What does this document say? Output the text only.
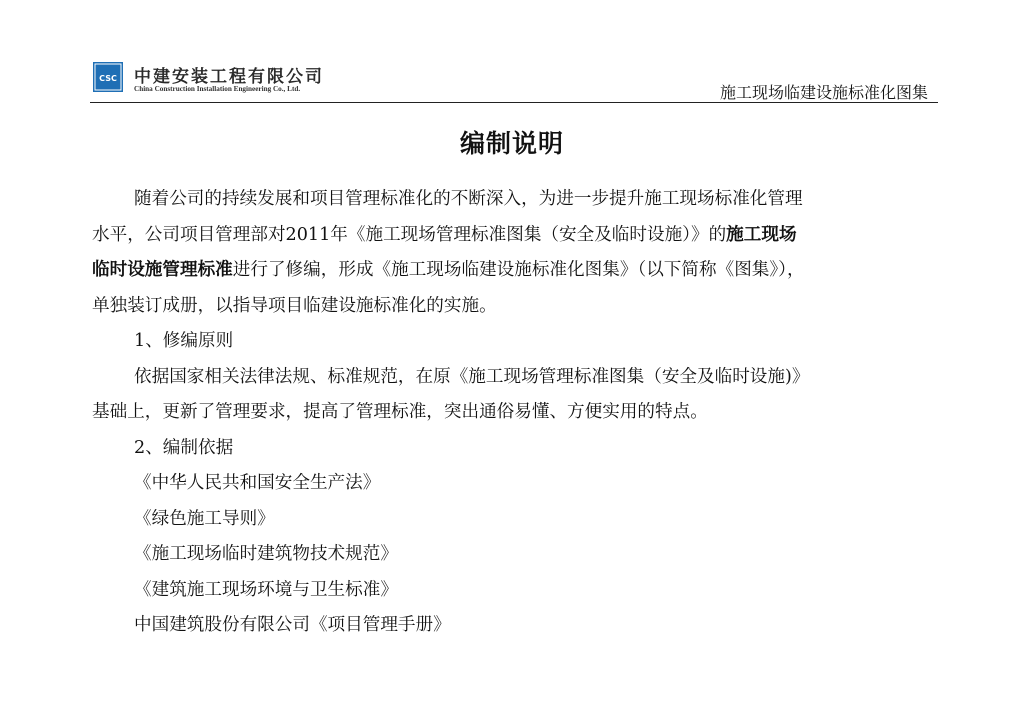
CSC 中建安装工程有限公司
China Construction Installation Engineering Co., Ltd.	施工现场临建设施标准化图集
编制说明

随着公司的持续发展和项目管理标准化的不断深入，为进一步提升施工现场标准化管理

水平，公司项目管理部对2011年《施工现场管理标准图集（安全及临时设施）》的施工现场

临时设施管理标准进行了修编，形成《施工现场临建设施标准化图集》（以下简称《图集》），

单独装订成册，以指导项目临建设施标准化的实施。

1、修编原则

依据国家相关法律法规、标准规范，在原《施工现场管理标准图集（安全及临时设施)》

基础上，更新了管理要求，提高了管理标准，突出通俗易懂、方便实用的特点。

2、编制依据

《中华人民共和国安全生产法》

《绿色施工导则》

《施工现场临时建筑物技术规范》

《建筑施工现场环境与卫生标准》

中国建筑股份有限公司《项目管理手册》
